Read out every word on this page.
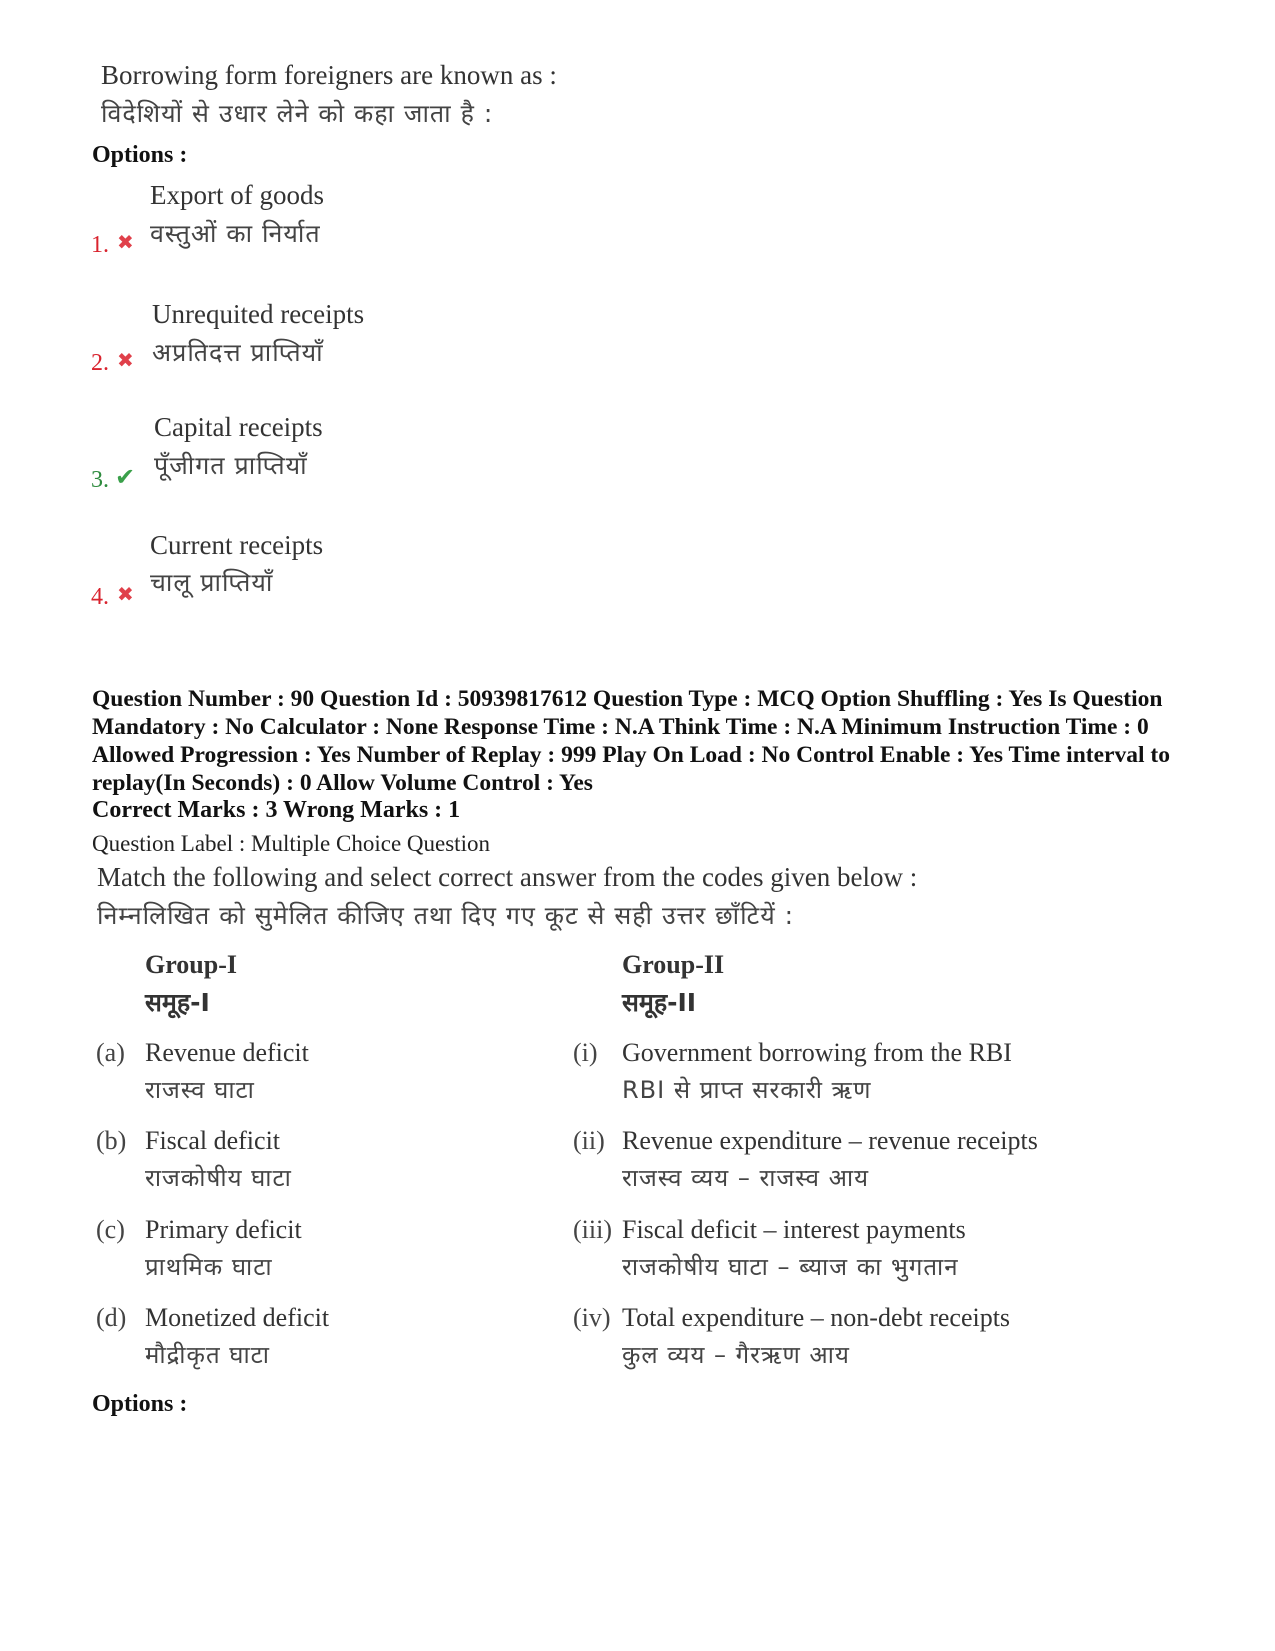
Borrowing form foreigners are known as :
विदेशियों से उधार लेने को कहा जाता है :
Options :
Export of goods
वस्तुओं का निर्यात
1. ✖
Unrequited receipts
अप्रतिदत्त प्राप्तियाँ
2. ✖
Capital receipts
पूँजीगत प्राप्तियाँ
3. ✔
Current receipts
चालू प्राप्तियाँ
4. ✖
Question Number : 90 Question Id : 50939817612 Question Type : MCQ Option Shuffling : Yes Is Question Mandatory : No Calculator : None Response Time : N.A Think Time : N.A Minimum Instruction Time : 0 Allowed Progression : Yes Number of Replay : 999 Play On Load : No Control Enable : Yes Time interval to replay(In Seconds) : 0 Allow Volume Control : Yes
Correct Marks : 3 Wrong Marks : 1
Question Label : Multiple Choice Question
Match the following and select correct answer from the codes given below :
निम्नलिखित को सुमेलित कीजिए तथा दिए गए कूट से सही उत्तर छाँटियें :
Group-I
समूह-I
Group-II
समूह-II
(a) Revenue deficit
राजस्व घाटा
(b) Fiscal deficit
राजकोषीय घाटा
(c) Primary deficit
प्राथमिक घाटा
(d) Monetized deficit
मौद्रीकृत घाटा
(i) Government borrowing from the RBI
RBI से प्राप्त सरकारी ऋण
(ii) Revenue expenditure – revenue receipts
राजस्व व्यय – राजस्व आय
(iii) Fiscal deficit – interest payments
राजकोषीय घाटा – ब्याज का भुगतान
(iv) Total expenditure – non-debt receipts
कुल व्यय – गैरऋण आय
Options :
